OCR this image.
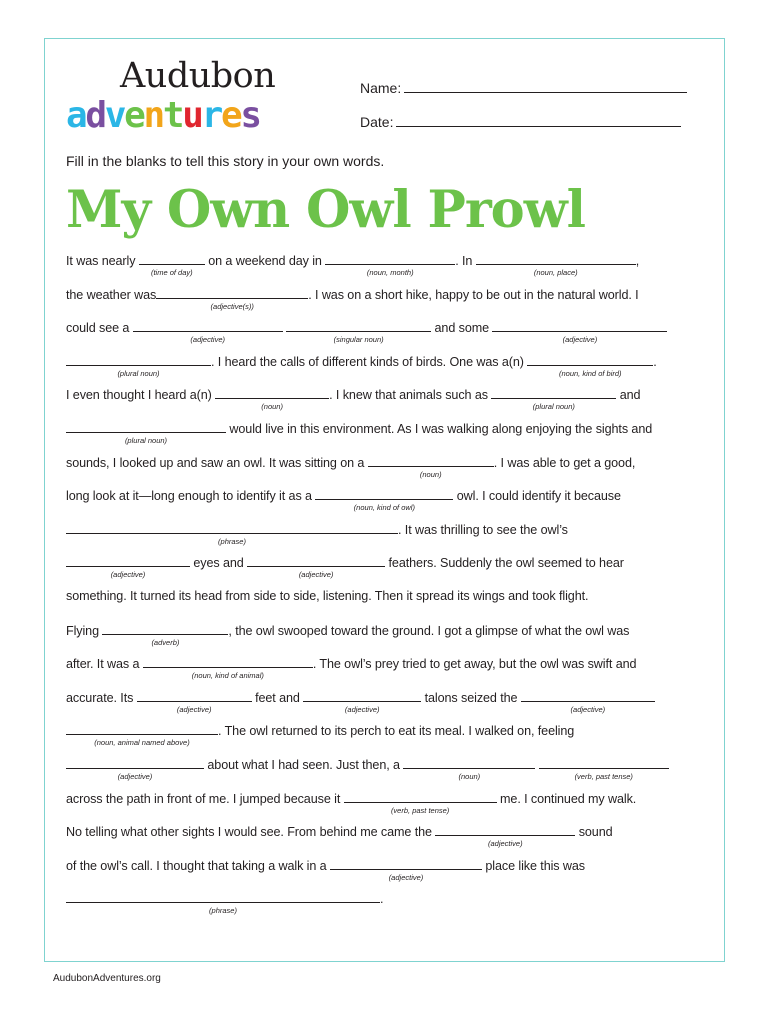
Audubon
adventures
Name:
Date:
Fill in the blanks to tell this story in your own words.
My Own Owl Prowl
It was nearly
(time of day)
on a weekend day in
(noun, month)
. In
(noun, place)
,
the weather was
(adjective(s))
. I was on a short hike, happy to be out in the natural world. I
could see a
(adjective)
	(singular noun)
and some
(adjective)
(plural noun)
. I heard the calls of different kinds of birds. One was a(n)
(noun, kind of bird)
.
I even thought I heard a(n)
(noun)
. I knew that animals such as
(plural noun)
and
(plural noun)
would live in this environment. As I was walking along enjoying the sights and
sounds, I looked up and saw an owl. It was sitting on a
(noun)
. I was able to get a good,
long look at it—long enough to identify it as a
(noun, kind of owl)
owl. I could identify it because
(phrase)
. It was thrilling to see the owl’s
(adjective)
eyes and
(adjective)
feathers. Suddenly the owl seemed to hear
something. It turned its head from side to side, listening. Then it spread its wings and took flight.
Flying
(adverb)
, the owl swooped toward the ground. I got a glimpse of what the owl was
after. It was a
(noun, kind of animal)
. The owl’s prey tried to get away, but the owl was swift and
accurate. Its
(adjective)
feet and
(adjective)
talons seized the
(adjective)
(noun, animal named above)
. The owl returned to its perch to eat its meal. I walked on, feeling
(adjective)
about what I had seen. Just then, a
(noun)
	(verb, past tense)
across the path in front of me. I jumped because it
(verb, past tense)
me. I continued my walk.
No telling what other sights I would see. From behind me came the
(adjective)
sound
of the owl’s call. I thought that taking a walk in a
(adjective)
place like this was
(phrase)
.
AudubonAdventures.org
